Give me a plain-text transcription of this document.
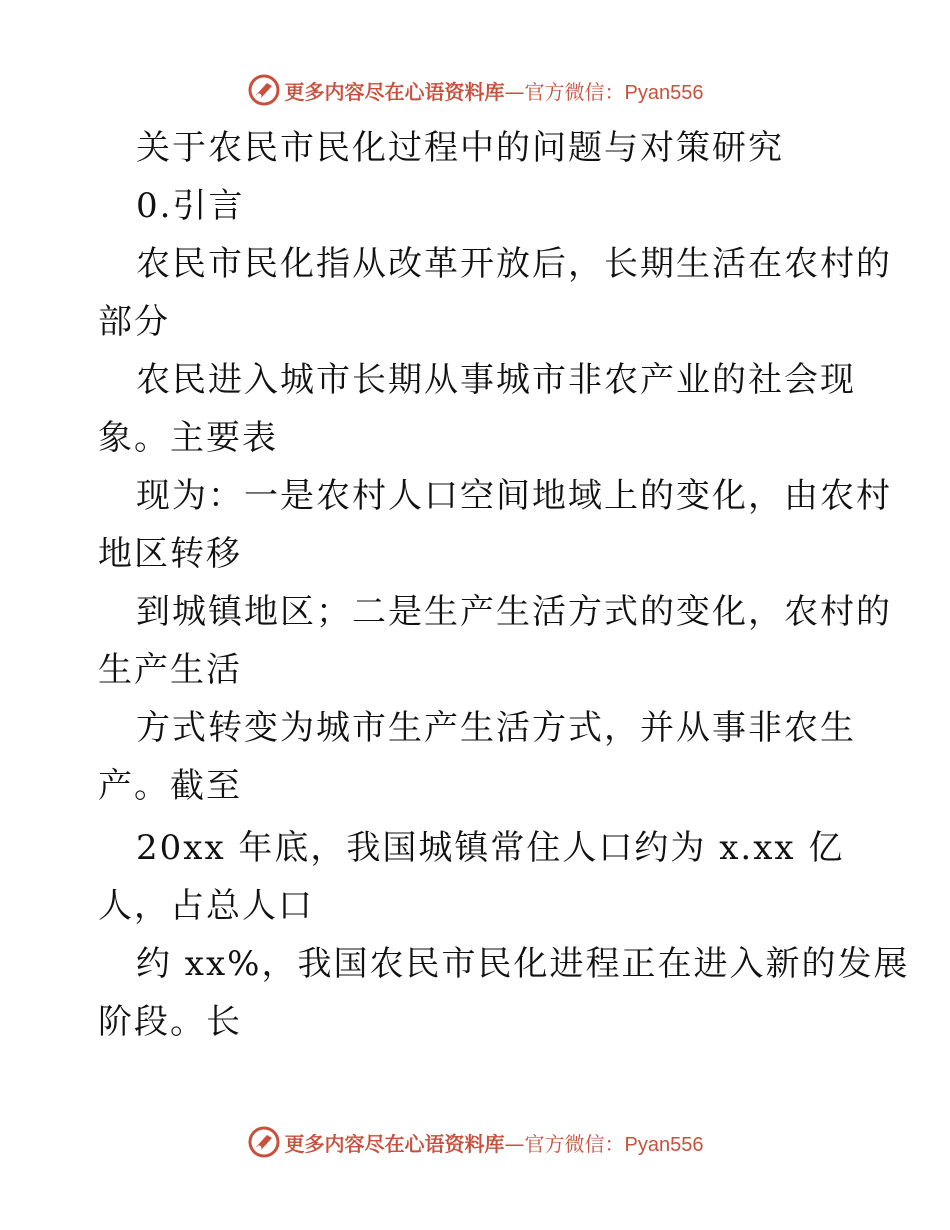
更多内容尽在心语资料库—官方微信：Pyan556
关于农民市民化过程中的问题与对策研究
0.引言
农民市民化指从改革开放后，长期生活在农村的
部分
农民进入城市长期从事城市非农产业的社会现
象。主要表
现为：一是农村人口空间地域上的变化，由农村
地区转移
到城镇地区；二是生产生活方式的变化，农村的
生产生活
方式转变为城市生产生活方式，并从事非农生
产。截至
20xx 年底，我国城镇常住人口约为 x.xx 亿
人，占总人口
约 xx%，我国农民市民化进程正在进入新的发展
阶段。长
更多内容尽在心语资料库—官方微信：Pyan556
